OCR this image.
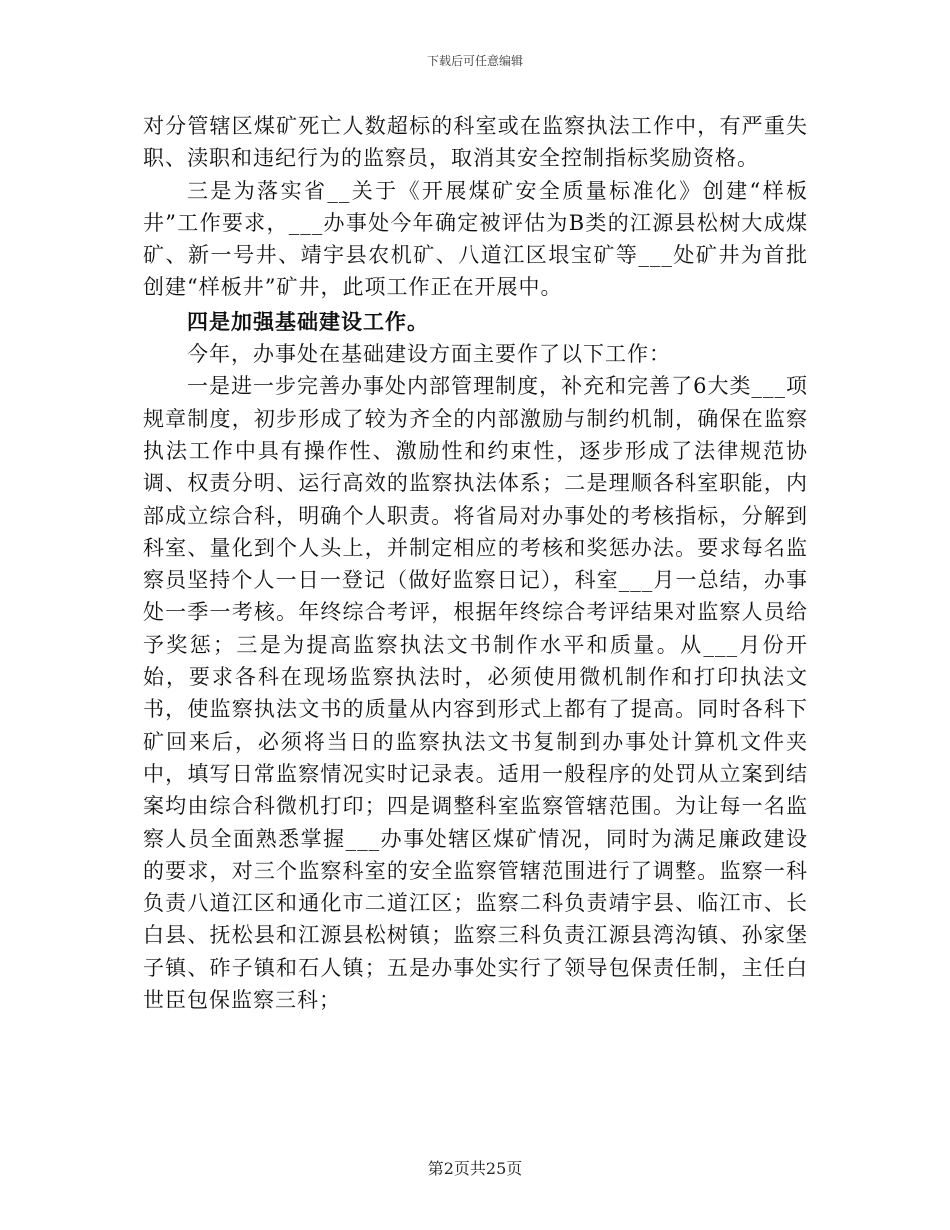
下载后可任意编辑

对分管辖区煤矿死亡人数超标的科室或在监察执法工作中，有严重失职、渎职和违纪行为的监察员，取消其安全控制指标奖励资格。

三是为落实省__关于《开展煤矿安全质量标准化》创建“样板井”工作要求，___办事处今年确定被评估为B类的江源县松树大成煤矿、新一号井、靖宇县农机矿、八道江区垠宝矿等___处矿井为首批创建“样板井”矿井，此项工作正在开展中。

四是加强基础建设工作。

今年，办事处在基础建设方面主要作了以下工作：

一是进一步完善办事处内部管理制度，补充和完善了6大类___项规章制度，初步形成了较为齐全的内部激励与制约机制，确保在监察执法工作中具有操作性、激励性和约束性，逐步形成了法律规范协调、权责分明、运行高效的监察执法体系；二是理顺各科室职能，内部成立综合科，明确个人职责。将省局对办事处的考核指标，分解到科室、量化到个人头上，并制定相应的考核和奖惩办法。要求每名监察员坚持个人一日一登记（做好监察日记），科室___月一总结，办事处一季一考核。年终综合考评，根据年终综合考评结果对监察人员给予奖惩；三是为提高监察执法文书制作水平和质量。从___月份开始，要求各科在现场监察执法时，必须使用微机制作和打印执法文书，使监察执法文书的质量从内容到形式上都有了提高。同时各科下矿回来后，必须将当日的监察执法文书复制到办事处计算机文件夹中，填写日常监察情况实时记录表。适用一般程序的处罚从立案到结案均由综合科微机打印；四是调整科室监察管辖范围。为让每一名监察人员全面熟悉掌握___办事处辖区煤矿情况，同时为满足廉政建设的要求，对三个监察科室的安全监察管辖范围进行了调整。监察一科负责八道江区和通化市二道江区；监察二科负责靖宇县、临江市、长白县、抚松县和江源县松树镇；监察三科负责江源县湾沟镇、孙家堡子镇、砟子镇和石人镇；五是办事处实行了领导包保责任制，主任白世臣包保监察三科；

第2页共25页
